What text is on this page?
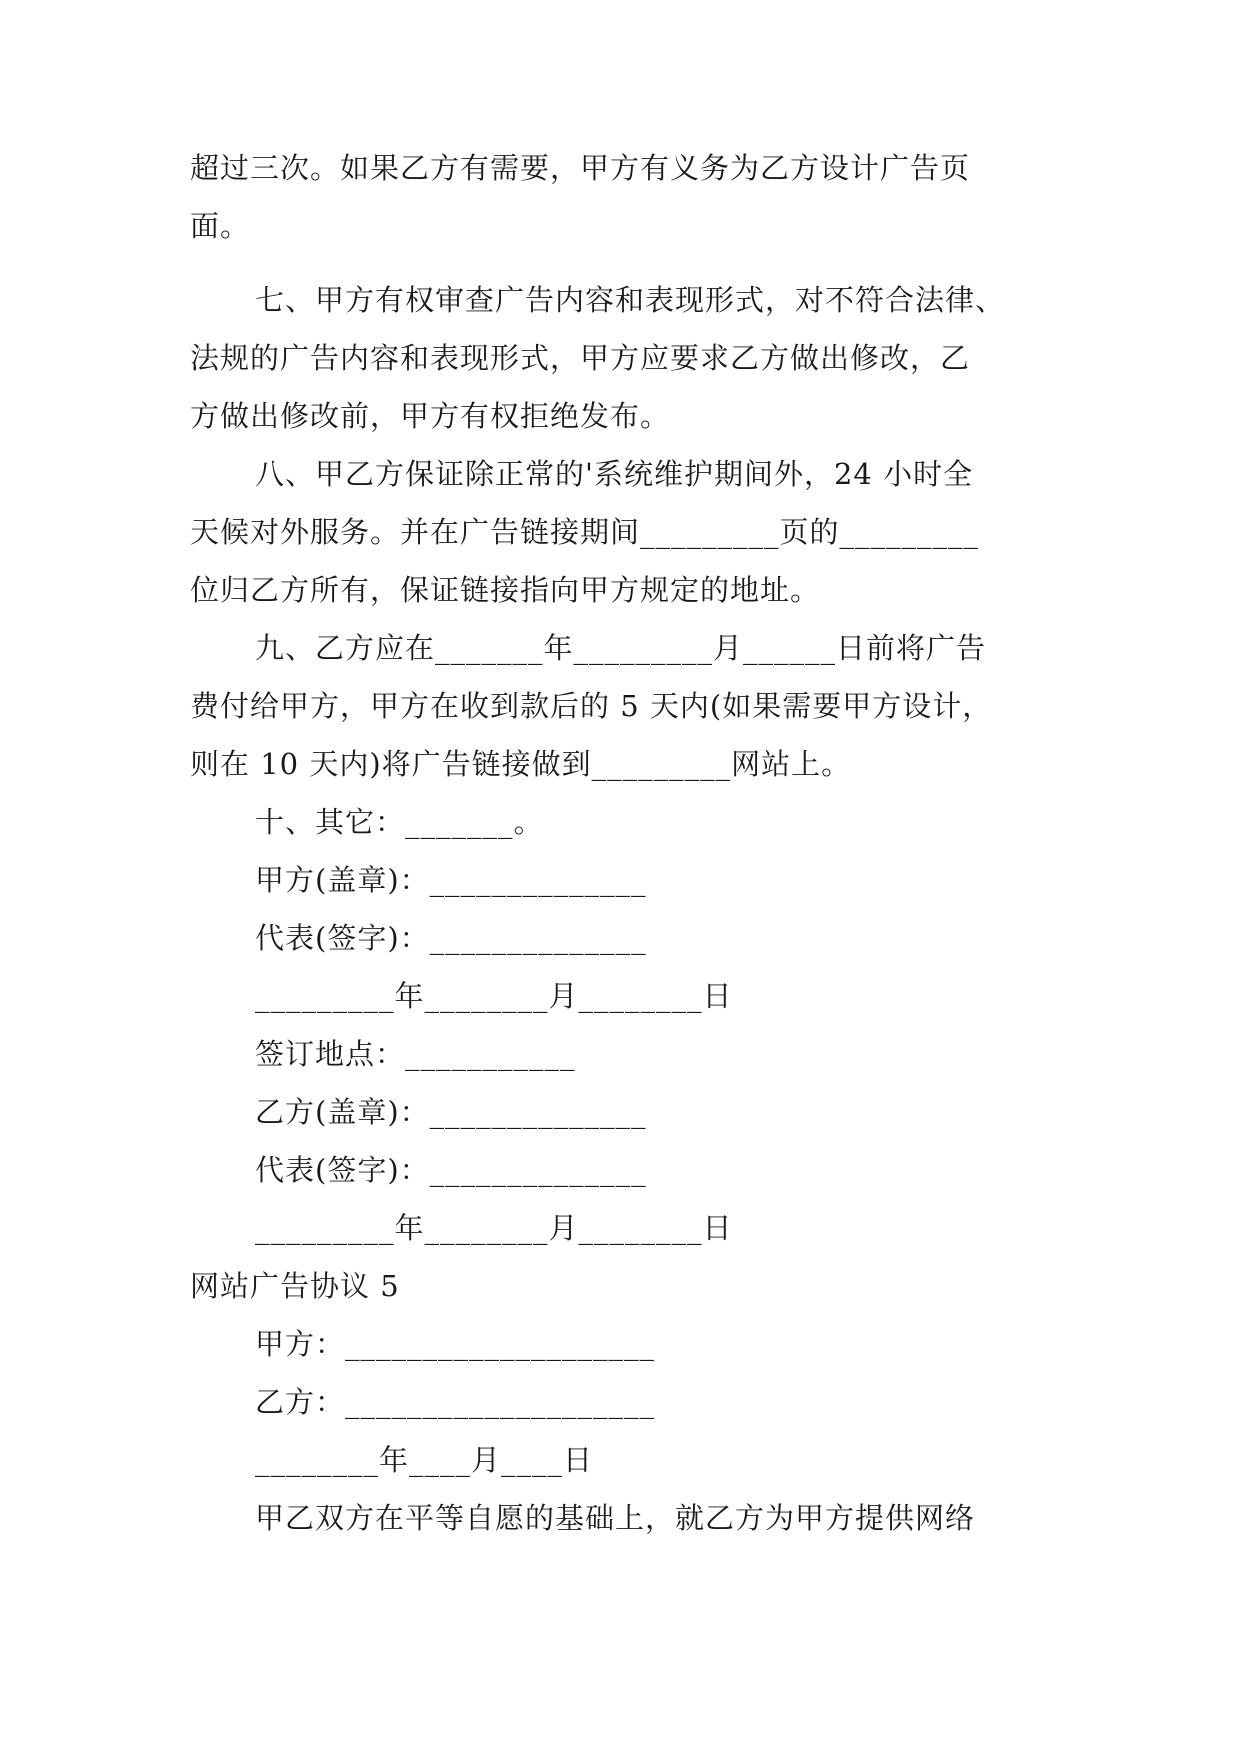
超过三次。如果乙方有需要，甲方有义务为乙方设计广告页
面。
七、甲方有权审查广告内容和表现形式，对不符合法律、
法规的广告内容和表现形式，甲方应要求乙方做出修改，乙
方做出修改前，甲方有权拒绝发布。
八、甲乙方保证除正常的'系统维护期间外，24 小时全
天候对外服务。并在广告链接期间_________页的_________
位归乙方所有，保证链接指向甲方规定的地址。
九、乙方应在_______年_________月______日前将广告
费付给甲方，甲方在收到款后的 5 天内(如果需要甲方设计，
则在 10 天内)将广告链接做到_________网站上。
十、其它：_______。
甲方(盖章)：______________
代表(签字)：______________
_________年________月________日
签订地点：___________
乙方(盖章)：______________
代表(签字)：______________
_________年________月________日
网站广告协议 5
甲方：____________________
乙方：____________________
________年____月____日
甲乙双方在平等自愿的基础上，就乙方为甲方提供网络
